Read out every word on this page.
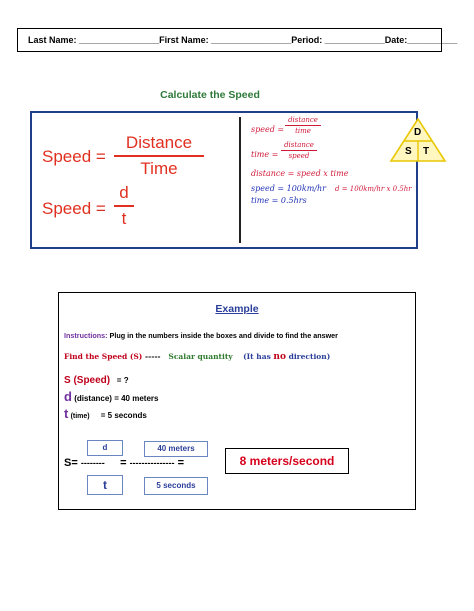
Last Name: ________________ First Name: ________________ Period: ____________ Date:__________
Calculate the Speed
Speed =
Distance
Time
Speed =
d
t
speed =
distance
time
time =
distance
speed
distance = speed x time
speed = 100km/hr
time = 0.5hrs
d = 100km/hr x 0.5hr
D
S T
Example
Instructions: Plug in the numbers inside the boxes and divide to find the answer
Find the Speed (S) ----- Scalar quantity (It has no direction)
S (Speed) = ?
d (distance) = 40 meters
t (time) = 5 seconds
S= -------- = --------------- =
d
t
40 meters
5 seconds
8 meters/second
